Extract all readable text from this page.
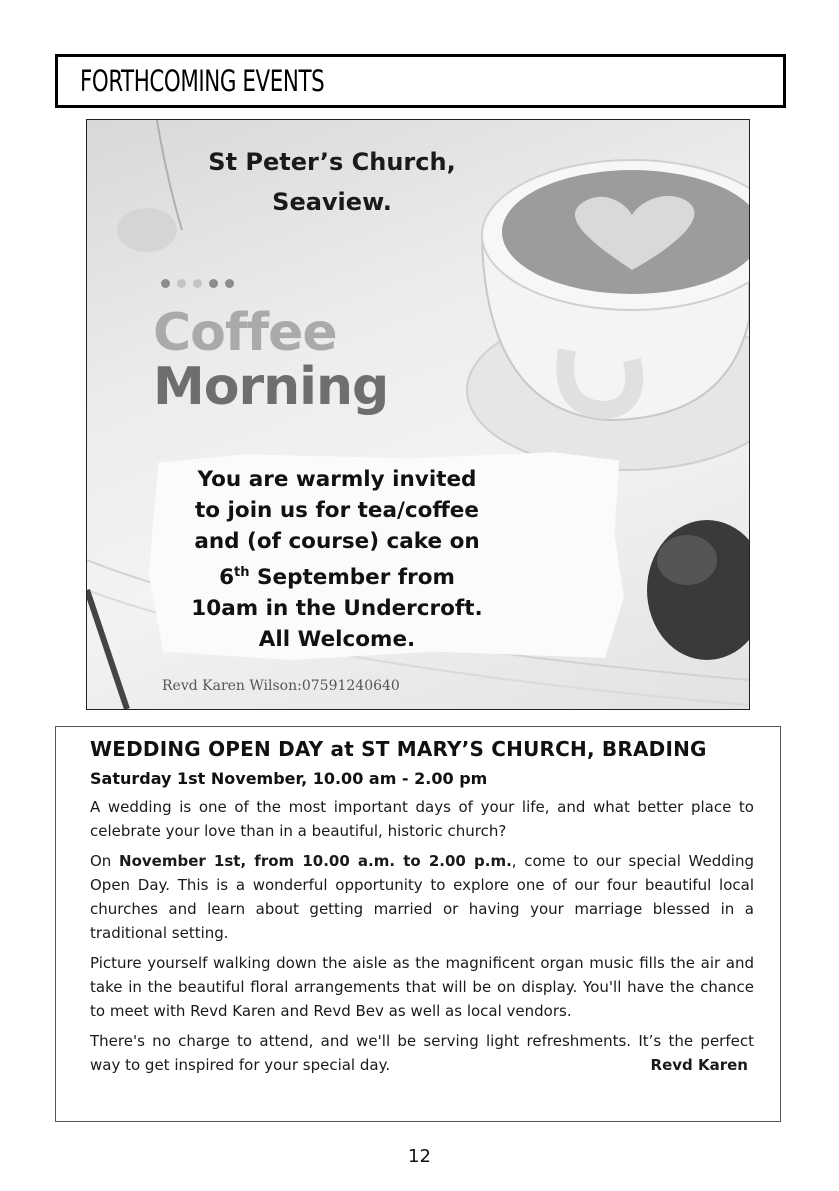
FORTHCOMING EVENTS
St Peter’s Church,
Seaview.
Coffee
Morning

You are warmly invited

to join us for tea/coffee

and (of course) cake on

6th September from

10am in the Undercroft.

All Welcome.

Revd Karen Wilson:07591240640
WEDDING OPEN DAY at ST MARY’S CHURCH, BRADING
Saturday 1st November, 10.00 am - 2.00 pm

A wedding is one of the most important days of your life, and what better place to celebrate your love than in a beautiful, historic church?

On November 1st, from 10.00 a.m. to 2.00 p.m., come to our special Wedding Open Day. This is a wonderful opportunity to explore one of our four beautiful local churches and learn about getting married or having your marriage blessed in a traditional setting.

Picture yourself walking down the aisle as the magnificent organ music fills the air and take in the beautiful floral arrangements that will be on display. You'll have the chance to meet with Revd Karen and Revd Bev as well as local vendors.

There's no charge to attend, and we'll be serving light refreshments. It’s the perfect way to get inspired for your special day.	Revd Karen

12
